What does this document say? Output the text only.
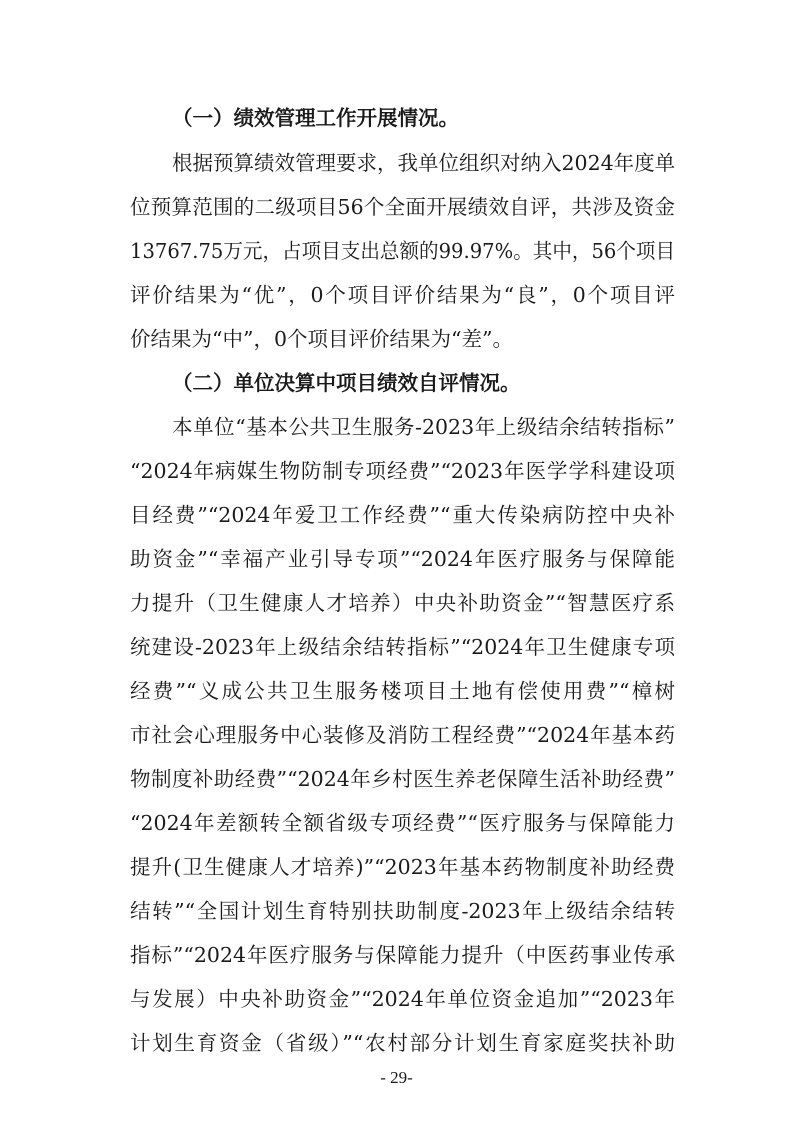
（一）绩效管理工作开展情况。
根据预算绩效管理要求，我单位组织对纳入2024年度单
位预算范围的二级项目56个全面开展绩效自评，共涉及资金
13767.75万元，占项目支出总额的99.97%。其中，56个项目
评价结果为“优”，0个项目评价结果为“良”，0个项目评
价结果为“中”，0个项目评价结果为“差”。
（二）单位决算中项目绩效自评情况。
本单位“基本公共卫生服务-2023年上级结余结转指标”
“2024年病媒生物防制专项经费”“2023年医学学科建设项
目经费”“2024年爱卫工作经费”“重大传染病防控中央补
助资金”“幸福产业引导专项”“2024年医疗服务与保障能
力提升（卫生健康人才培养）中央补助资金”“智慧医疗系
统建设-2023年上级结余结转指标”“2024年卫生健康专项
经费”“义成公共卫生服务楼项目土地有偿使用费”“樟树
市社会心理服务中心装修及消防工程经费”“2024年基本药
物制度补助经费”“2024年乡村医生养老保障生活补助经费”
“2024年差额转全额省级专项经费”“医疗服务与保障能力
提升(卫生健康人才培养)”“2023年基本药物制度补助经费
结转”“全国计划生育特别扶助制度-2023年上级结余结转
指标”“2024年医疗服务与保障能力提升（中医药事业传承
与发展）中央补助资金”“2024年单位资金追加”“2023年
计划生育资金（省级）”“农村部分计划生育家庭奖扶补助
- 29-
